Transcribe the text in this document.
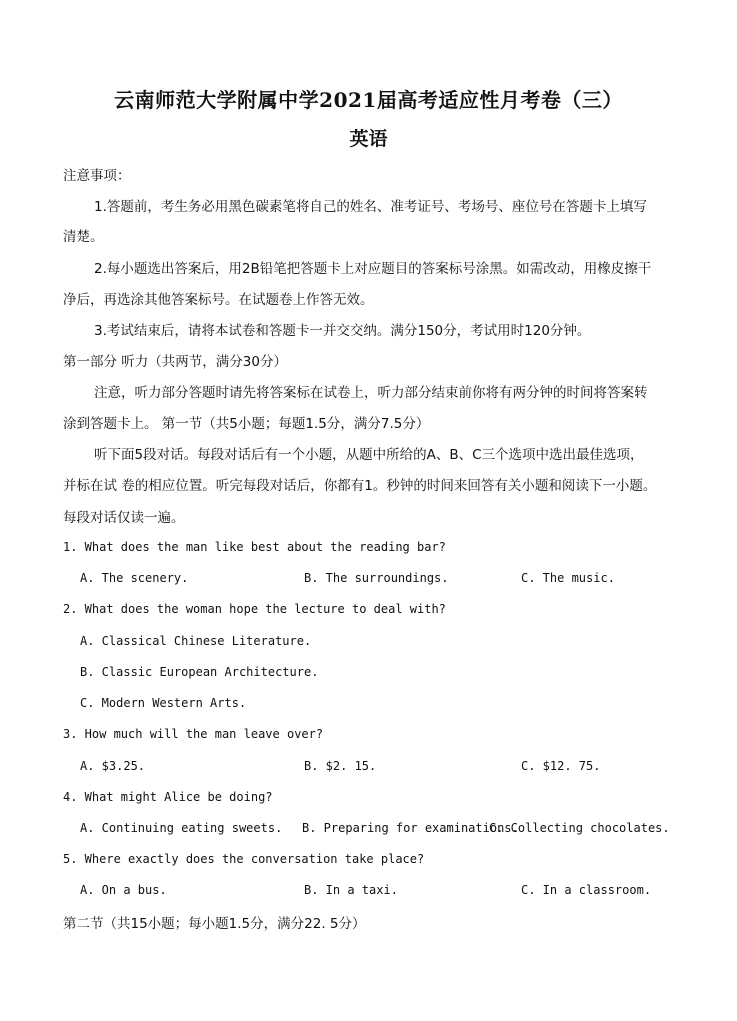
云南师范大学附属中学2021届高考适应性月考卷（三）
英语
注意事项：
1.答题前，考生务必用黑色碳素笔将自己的姓名、准考证号、考场号、座位号在答题卡上填写
清楚。
2.每小题选出答案后，用2B铅笔把答题卡上对应题目的答案标号涂黑。如需改动，用橡皮擦干
净后，再选涂其他答案标号。在试题卷上作答无效。
3.考试结束后，请将本试卷和答题卡一并交交纳。满分150分，考试用时120分钟。
第一部分 听力（共两节，满分30分）
注意，听力部分答题时请先将答案标在试卷上，听力部分结束前你将有两分钟的时间将答案转
涂到答题卡上。 第一节（共5小题；每题1.5分，满分7.5分）
听下面5段对话。每段对话后有一个小题，从题中所给的A、B、C三个选项中选出最佳选项，
并标在试 卷的相应位置。听完每段对话后，你都有1。秒钟的时间来回答有关小题和阅读下一小题。
每段对话仅读一遍。
1. What does the man like best about the reading bar?
A. The scenery.	B. The surroundings.	C. The music.
2. What does the woman hope the lecture to deal with?
A. Classical Chinese Literature.
B. Classic European Architecture.
C. Modern Western Arts.
3. How much will the man leave over?
A. $3.25.	B. $2. 15.	C. $12. 75.
4. What might Alice be doing?
A. Continuing eating sweets. B. Preparing for examinations.
C. Collecting chocolates.
5. Where exactly does the conversation take place?
A. On a bus.	B. In a taxi.	C. In a classroom.
第二节（共15小题；每小题1.5分，满分22. 5分）
